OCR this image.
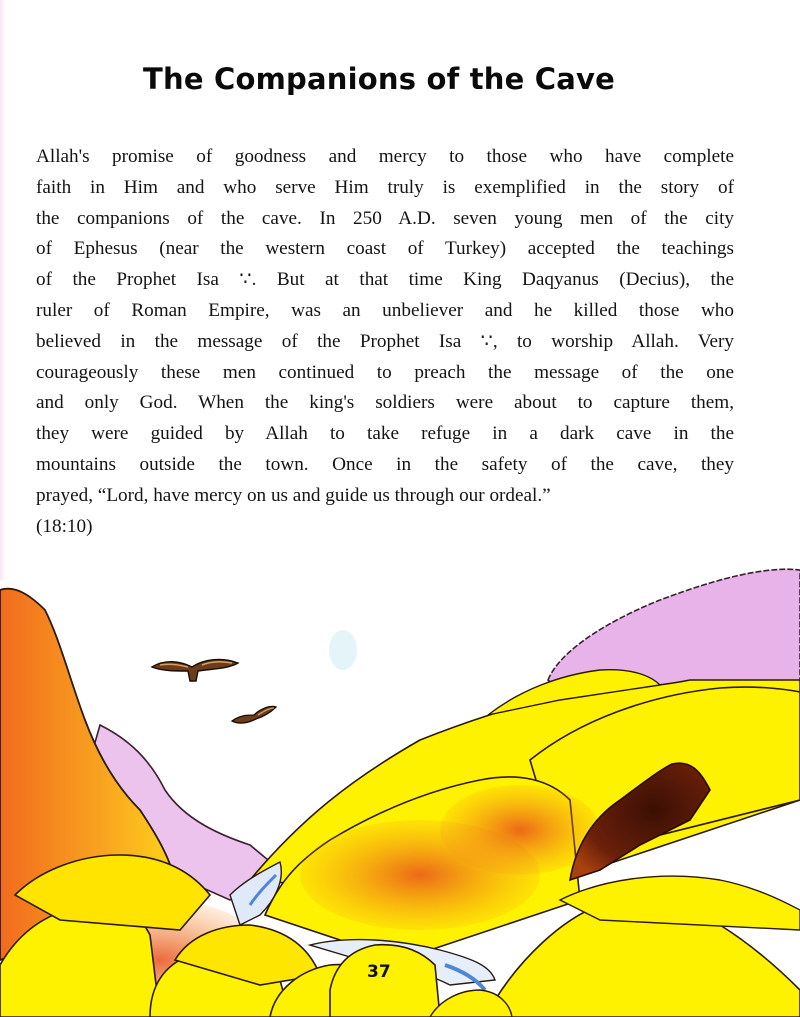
The Companions of the Cave
Allah's promise of goodness and mercy to those who have complete
faith in Him and who serve Him truly is exemplified in the story of
the companions of the cave. In 250 A.D. seven young men of the city
of Ephesus (near the western coast of Turkey) accepted the teachings
of the Prophet Isa ∵. But at that time King Daqyanus (Decius), the
ruler of Roman Empire, was an unbeliever and he killed those who
believed in the message of the Prophet Isa ∵, to worship Allah. Very
courageously these men continued to preach the message of the one
and only God. When the king's soldiers were about to capture them,
they were guided by Allah to take refuge in a dark cave in the
mountains outside the town. Once in the safety of the cave, they
prayed, “Lord, have mercy on us and guide us through our ordeal.”
(18:10)
37
